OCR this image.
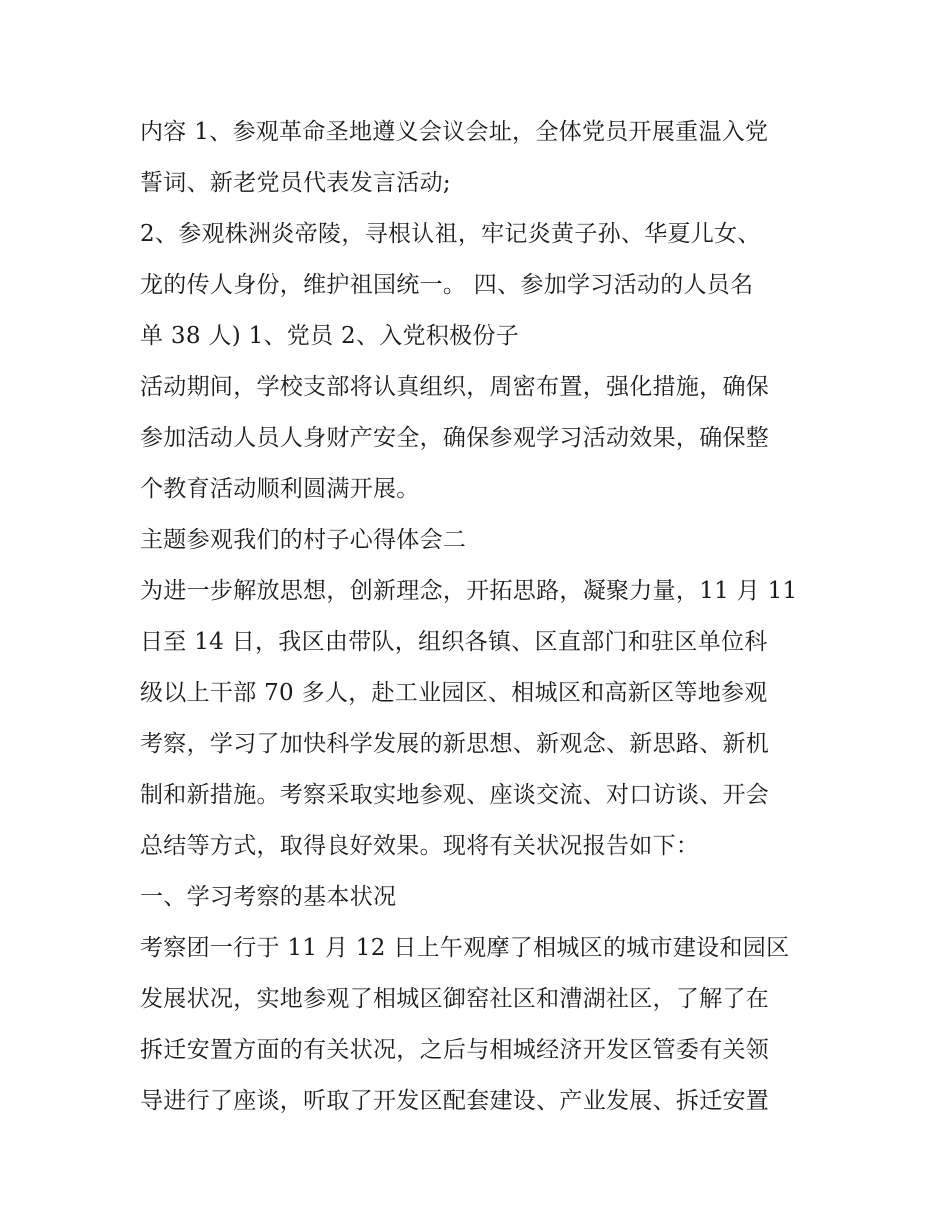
内容 1、参观革命圣地遵义会议会址，全体党员开展重温入党
誓词、新老党员代表发言活动;
2、参观株洲炎帝陵，寻根认祖，牢记炎黄子孙、华夏儿女、
龙的传人身份，维护祖国统一。 四、参加学习活动的人员名
单 38 人) 1、党员 2、入党积极份子
活动期间，学校支部将认真组织，周密布置，强化措施，确保
参加活动人员人身财产安全，确保参观学习活动效果，确保整
个教育活动顺利圆满开展。
主题参观我们的村子心得体会二
为进一步解放思想，创新理念，开拓思路，凝聚力量，11 月 11
日至 14 日，我区由带队，组织各镇、区直部门和驻区单位科
级以上干部 70 多人，赴工业园区、相城区和高新区等地参观
考察，学习了加快科学发展的新思想、新观念、新思路、新机
制和新措施。考察采取实地参观、座谈交流、对口访谈、开会
总结等方式，取得良好效果。现将有关状况报告如下：
一、学习考察的基本状况
考察团一行于 11 月 12 日上午观摩了相城区的城市建设和园区
发展状况，实地参观了相城区御窑社区和漕湖社区，了解了在
拆迁安置方面的有关状况，之后与相城经济开发区管委有关领
导进行了座谈，听取了开发区配套建设、产业发展、拆迁安置
